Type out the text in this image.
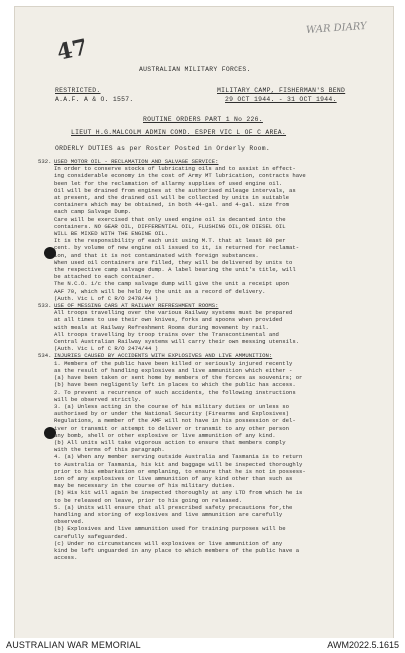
47
WAR DIARY
AUSTRALIAN MILITARY FORCES.
RESTRICTED.
A.A.F. A & O. 1557.
MILITARY CAMP, FISHERMAN'S BEND
29 OCT 1944. - 31 OCT 1944.
ROUTINE ORDERS PART 1 No 226.
LIEUT H.G.MALCOLM ADMIN COMD. ESPER VIC L OF C AREA.
ORDERLY DUTIES as per Roster Posted in Orderly Room.
532. USED MOTOR OIL - RECLAMATION AND SALVAGE SERVICE:
In order to conserve stocks of lubricating oils and to assist in effect-
ing considerable economy in the cost of Army MT lubrication, contracts have
been let for the reclamation of allarmy supplies of used engine oil.
Oil will be drained from engines at the authorised mileage intervals, as
at present, and the drained oil will be collected by units in suitable
containers which may be obtained, in both 44-gal. and 4-gal. size from
each camp Salvage Dump.
Care will be exercised that only used engine oil is decanted into the
containers. NO GEAR OIL, DIFFERENTIAL OIL, FLUSHING OIL,OR DIESEL OIL
WILL BE MIXED WITH THE ENGINE OIL.
It is the responsibility of each unit using M.T. that at least 80 per
cent. by volume of new engine oil issued to it, is returned for reclamat-
ion, and that it is not contaminated with foreign substances.
When used oil containers are filled, they will be delivered by units to
the respective camp salvage dump. A label bearing the unit's title, will
be attached to each container.
The N.C.O. i/c the camp salvage dump will give the unit a receipt upon
AAF 70, which will be held by the unit as a record of delivery.
(Auth. Vic L of C R/O 2478/44 )
533. USE OF MESSING CARS AT RAILWAY REFRESHMENT ROOMS:
All troops travelling over the various Railway systems must be prepared
at all times to use their own knives, forks and spoons when provided
with meals at Railway Refreshment Rooms during movement by rail.
All troops travelling by troop trains over the Transcontinental and
Central Australian Railway systems will carry their own messing utensils.
(Auth. Vic L of C R/O 2474/44 )
534. INJURIES CAUSED BY ACCIDENTS WITH EXPLOSIVES AND LIVE AMMUNITION:
1. Members of the public have been killed or seriously injured recently
as the result of handling explosives and live ammunition which either -
(a) have been taken or sent home by members of the forces as souvenirs; or
(b) have been negligently left in places to which the public has access.
2. To prevent a recurrence of such accidents, the following instructions
will be observed strictly.
3. (a) Unless acting in the course of his military duties or unless so
authorised by or under the National Security (Firearms and Explosives)
Regulations, a member of the AMF will not have in his possession or del-
iver or transmit or attempt to deliver or transmit to any other person
any bomb, shell or other explosive or live ammunition of any kind.
(b) All units will take vigorous action to ensure that members comply
with the terms of this paragraph.
4. (a) When any member serving outside Australia and Tasmania is to return
to Australia or Tasmania, his kit and baggage will be inspected thoroughly
prior to his embarkation or emplaning, to ensure that he is not in possess-
ion of any explosives or live ammunition of any kind other than such as
may be necessary in the course of his military duties.
(b) His kit will again be inspected thoroughly at any LTD from which he is
to be released on leave, prior to his going on released.
5. (a) Units will ensure that all prescribed safety precautions for,the
handling and storing of explosives and live ammunition are carefully
observed.
(b) Explosives and live ammunition used for training purposes will be
carefully safeguarded.
(c) Under no circumstances will explosives or live ammunition of any
kind be left unguarded in any place to which members of the public have a
access.
AUSTRALIAN WAR MEMORIAL	AWM2022.5.1615
